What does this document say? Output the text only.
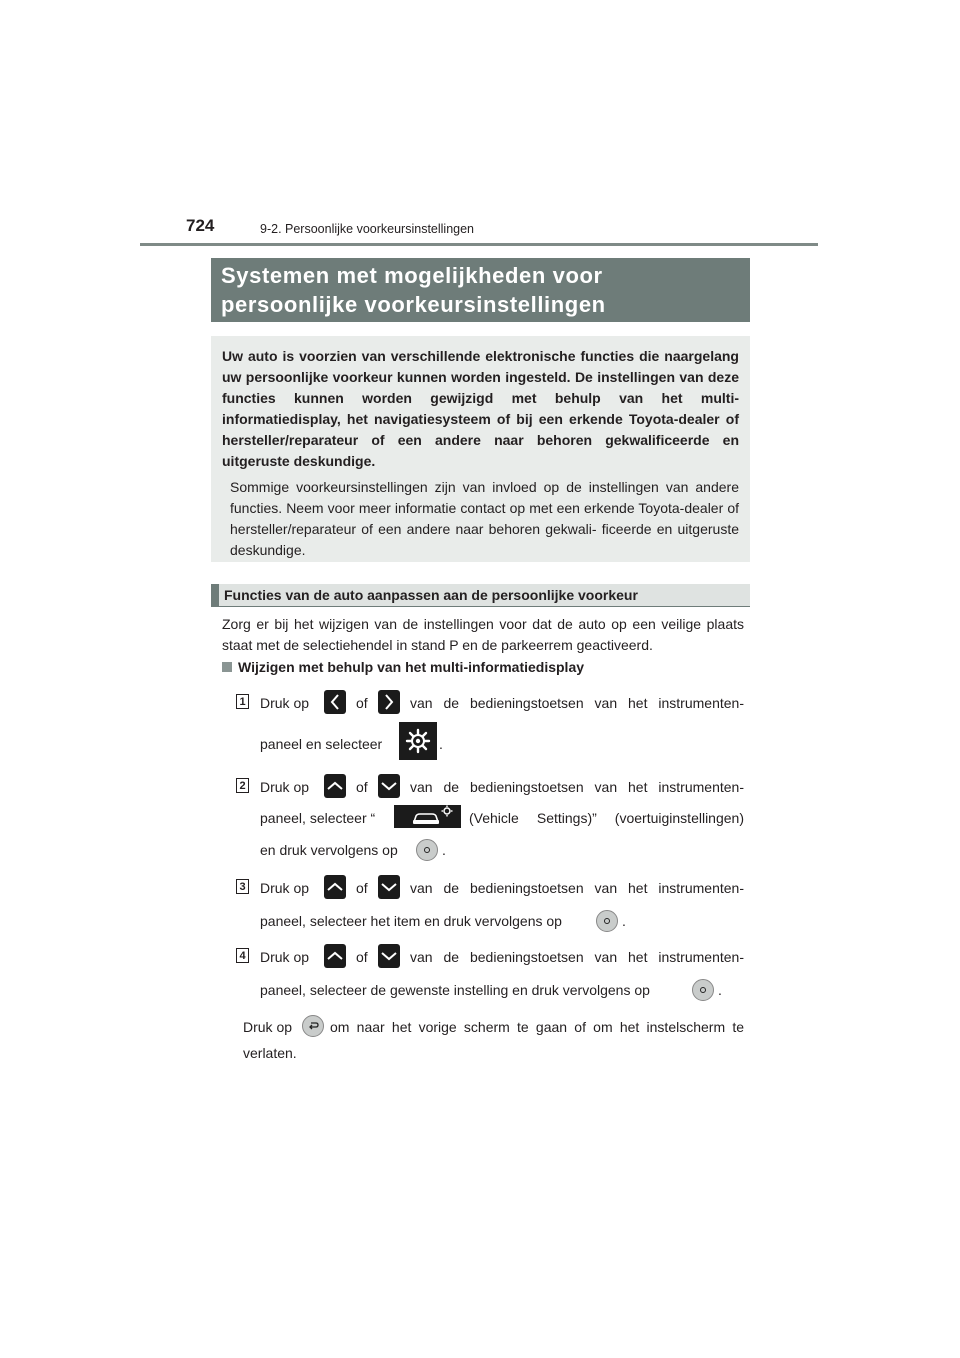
724	9-2. Persoonlijke voorkeursinstellingen
Systemen met mogelijkheden voor
persoonlijke voorkeursinstellingen
Uw auto is voorzien van verschillende elektronische functies die naargelang uw persoonlijke voorkeur kunnen worden ingesteld. De instellingen van deze functies kunnen worden gewijzigd met behulp van het multi-informatiedisplay, het navigatiesysteem of bij een erkende Toyota-dealer of hersteller/reparateur of een andere naar behoren gekwalificeerde en uitgeruste deskundige.
Sommige voorkeursinstellingen zijn van invloed op de instellingen van andere functies. Neem voor meer informatie contact op met een erkende Toyota-dealer of hersteller/reparateur of een andere naar behoren gekwali- ficeerde en uitgeruste deskundige.
Functies van de auto aanpassen aan de persoonlijke voorkeur
Zorg er bij het wijzigen van de instellingen voor dat de auto op een veilige plaats staat met de selectiehendel in stand P en de parkeerrem geactiveerd.
Wijzigen met behulp van het multi-informatiedisplay
1 Druk op	of	van de bedieningstoetsen van het instrumenten-
paneel en selecteer	.
2 Druk op	of	van de bedieningstoetsen van het instrumenten-
paneel, selecteer “	(Vehicle Settings)” (voertuiginstellingen)
en druk vervolgens op	.
3 Druk op	of	van de bedieningstoetsen van het instrumenten-
paneel, selecteer het item en druk vervolgens op	.
4 Druk op	of	van de bedieningstoetsen van het instrumenten-
paneel, selecteer de gewenste instelling en druk vervolgens op	.
Druk op	om naar het vorige scherm te gaan of om het instelscherm te
verlaten.
